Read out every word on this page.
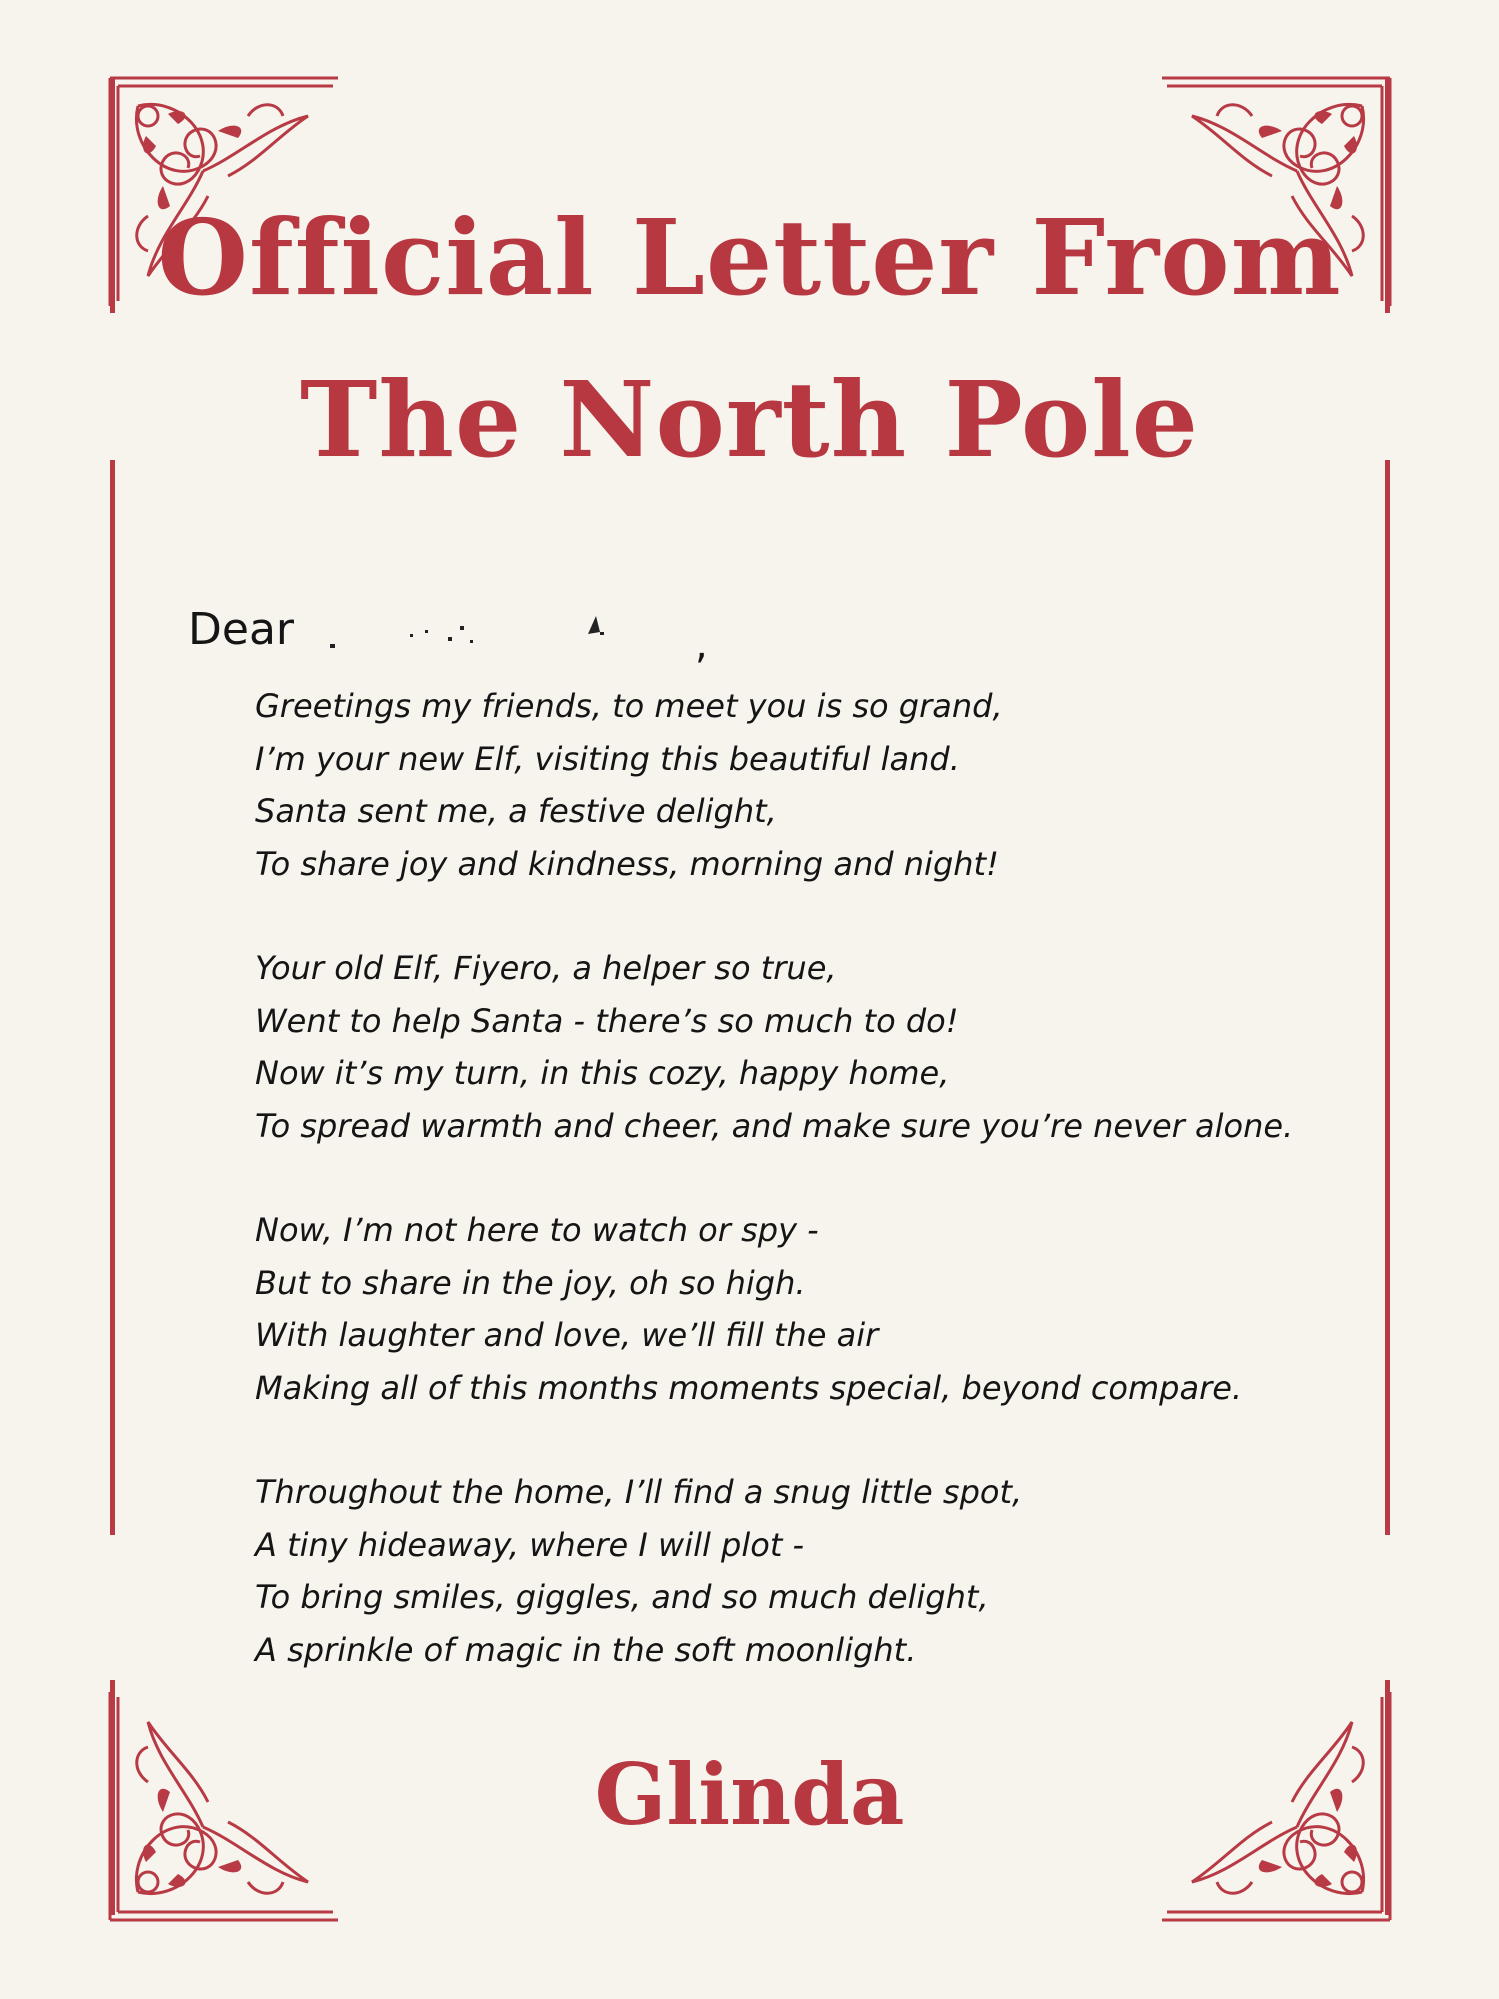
Official Letter From
The North Pole
Dear	,
Greetings my friends, to meet you is so grand,
I’m your new Elf, visiting this beautiful land.
Santa sent me, a festive delight,
To share joy and kindness, morning and night!
Your old Elf, Fiyero, a helper so true,
Went to help Santa - there’s so much to do!
Now it’s my turn, in this cozy, happy home,
To spread warmth and cheer, and make sure you’re never alone.
Now, I’m not here to watch or spy -
But to share in the joy, oh so high.
With laughter and love, we’ll fill the air
Making all of this months moments special, beyond compare.
Throughout the home, I’ll find a snug little spot,
A tiny hideaway, where I will plot -
To bring smiles, giggles, and so much delight,
A sprinkle of magic in the soft moonlight.
Glinda
